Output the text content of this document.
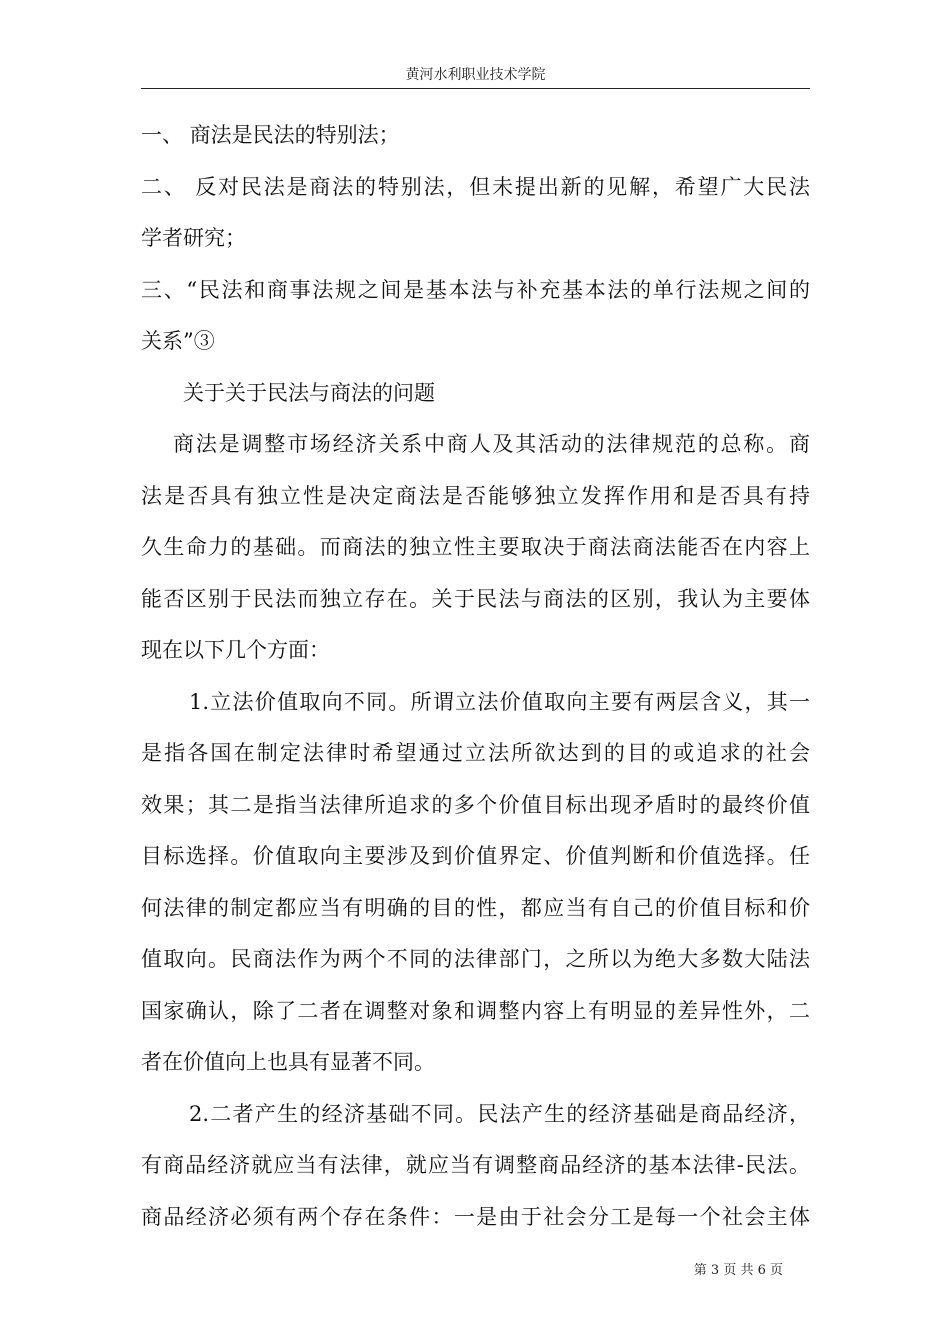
黄河水利职业技术学院
一、 商法是民法的特别法；
二、 反对民法是商法的特别法，但未提出新的见解，希望广大民法
学者研究；
三、“民法和商事法规之间是基本法与补充基本法的单行法规之间的
关系”③
关于关于民法与商法的问题
商法是调整市场经济关系中商人及其活动的法律规范的总称。商
法是否具有独立性是决定商法是否能够独立发挥作用和是否具有持
久生命力的基础。而商法的独立性主要取决于商法商法能否在内容上
能否区别于民法而独立存在。关于民法与商法的区别，我认为主要体
现在以下几个方面：
1.立法价值取向不同。所谓立法价值取向主要有两层含义，其一
是指各国在制定法律时希望通过立法所欲达到的目的或追求的社会
效果；其二是指当法律所追求的多个价值目标出现矛盾时的最终价值
目标选择。价值取向主要涉及到价值界定、价值判断和价值选择。任
何法律的制定都应当有明确的目的性，都应当有自己的价值目标和价
值取向。民商法作为两个不同的法律部门，之所以为绝大多数大陆法
国家确认，除了二者在调整对象和调整内容上有明显的差异性外，二
者在价值向上也具有显著不同。
2.二者产生的经济基础不同。民法产生的经济基础是商品经济，
有商品经济就应当有法律，就应当有调整商品经济的基本法律-民法。
商品经济必须有两个存在条件：一是由于社会分工是每一个社会主体

第 3 页 共 6 页
